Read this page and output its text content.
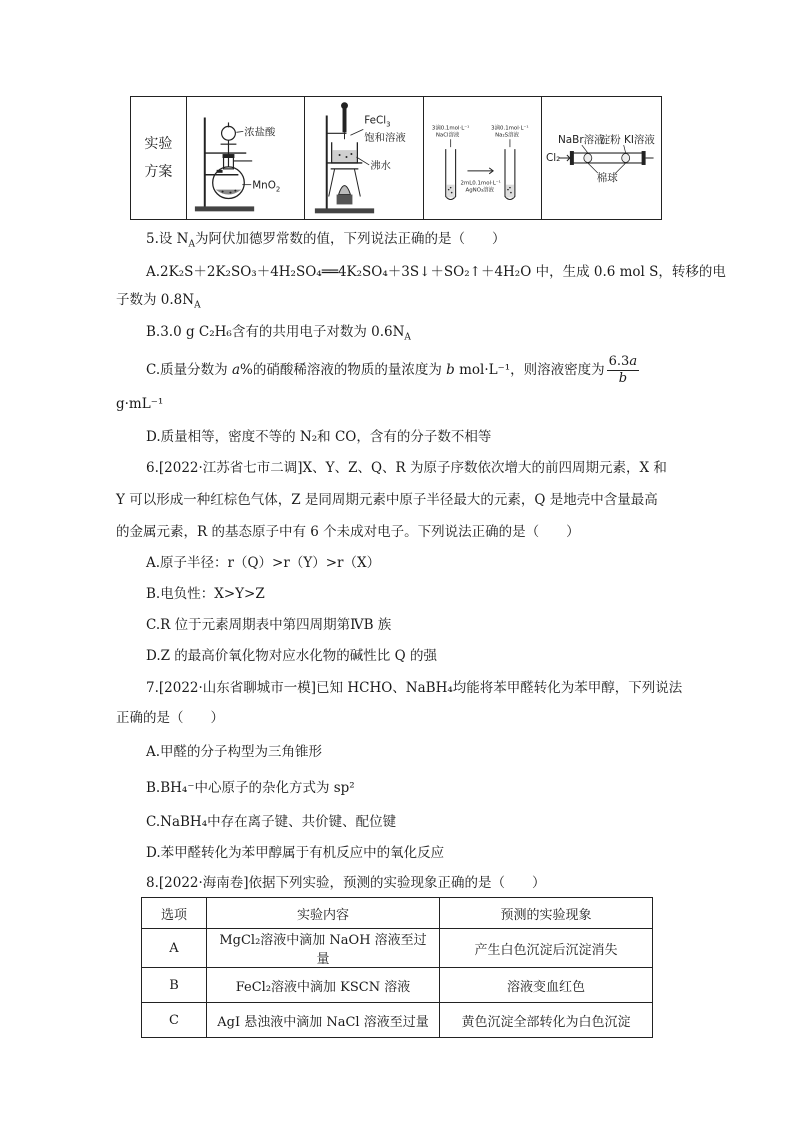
实验
方案
浓盐酸
MnO$_2$
FeCl$_3$
饱和溶液
沸水
3滴0.1mol·L⁻¹
NaCl溶液
3滴0.1mol·L⁻¹
Na₂S溶液
2mL0.1mol·L⁻¹
AgNO₃溶液
NaBr溶液
淀粉 KI溶液
Cl₂
棉球
5.设 $N_A$为阿伏加德罗常数的值，下列说法正确的是（　　）
A.2K₂S＋2K₂SO₃＋4H₂SO₄══4K₂SO₄＋3S↓＋SO₂↑＋4H₂O 中，生成 0.6 mol S，转移的电
子数为 $0.8N_A$
B.3.0 g C₂H₆含有的共用电子对数为 $0.6N_A$
C.质量分数为 a%的硝酸稀溶液的物质的量浓度为 b mol·L⁻¹，则溶液密度为 $\frac{6.3a}{b}$
g·mL⁻¹
D.质量相等，密度不等的 N₂和 CO，含有的分子数不相等
6.[2022·江苏省七市二调]X、Y、Z、Q、R 为原子序数依次增大的前四周期元素，X 和
Y 可以形成一种红棕色气体，Z 是同周期元素中原子半径最大的元素，Q 是地壳中含量最高
的金属元素，R 的基态原子中有 6 个未成对电子。下列说法正确的是（　　）
A.原子半径：r（Q）>r（Y）>r（X）
B.电负性：X>Y>Z
C.R 位于元素周期表中第四周期第ⅣB 族
D.Z 的最高价氧化物对应水化物的碱性比 Q 的强
7.[2022·山东省聊城市一模]已知 HCHO、NaBH₄均能将苯甲醛转化为苯甲醇，下列说法
正确的是（　　）
A.甲醛的分子构型为三角锥形
B.BH₄⁻中心原子的杂化方式为 sp²
C.NaBH₄中存在离子键、共价键、配位键
D.苯甲醛转化为苯甲醇属于有机反应中的氧化反应
8.[2022·海南卷]依据下列实验，预测的实验现象正确的是（　　）
选项	实验内容	预测的实验现象
A	MgCl₂溶液中滴加 NaOH 溶液至过量	产生白色沉淀后沉淀消失
B	FeCl₂溶液中滴加 KSCN 溶液	溶液变血红色
C	AgI 悬浊液中滴加 NaCl 溶液至过量	黄色沉淀全部转化为白色沉淀
